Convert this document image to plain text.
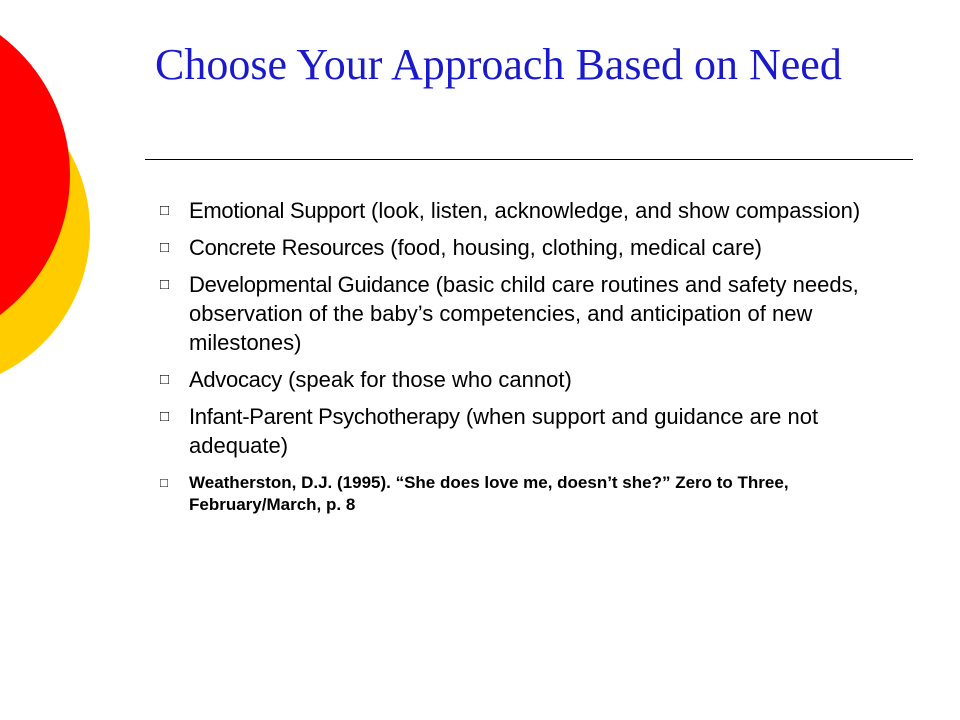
Choose Your Approach Based on Need
□ Emotional Support (look, listen, acknowledge, and show compassion)
□ Concrete Resources (food, housing, clothing, medical care)
□ Developmental Guidance (basic child care routines and safety needs, observation of the baby’s competencies, and anticipation of new milestones)
□ Advocacy (speak for those who cannot)
□ Infant-Parent Psychotherapy (when support and guidance are not adequate)
□	Weatherston, D.J. (1995). “She does love me, doesn’t she?” Zero to Three, February/March, p. 8
